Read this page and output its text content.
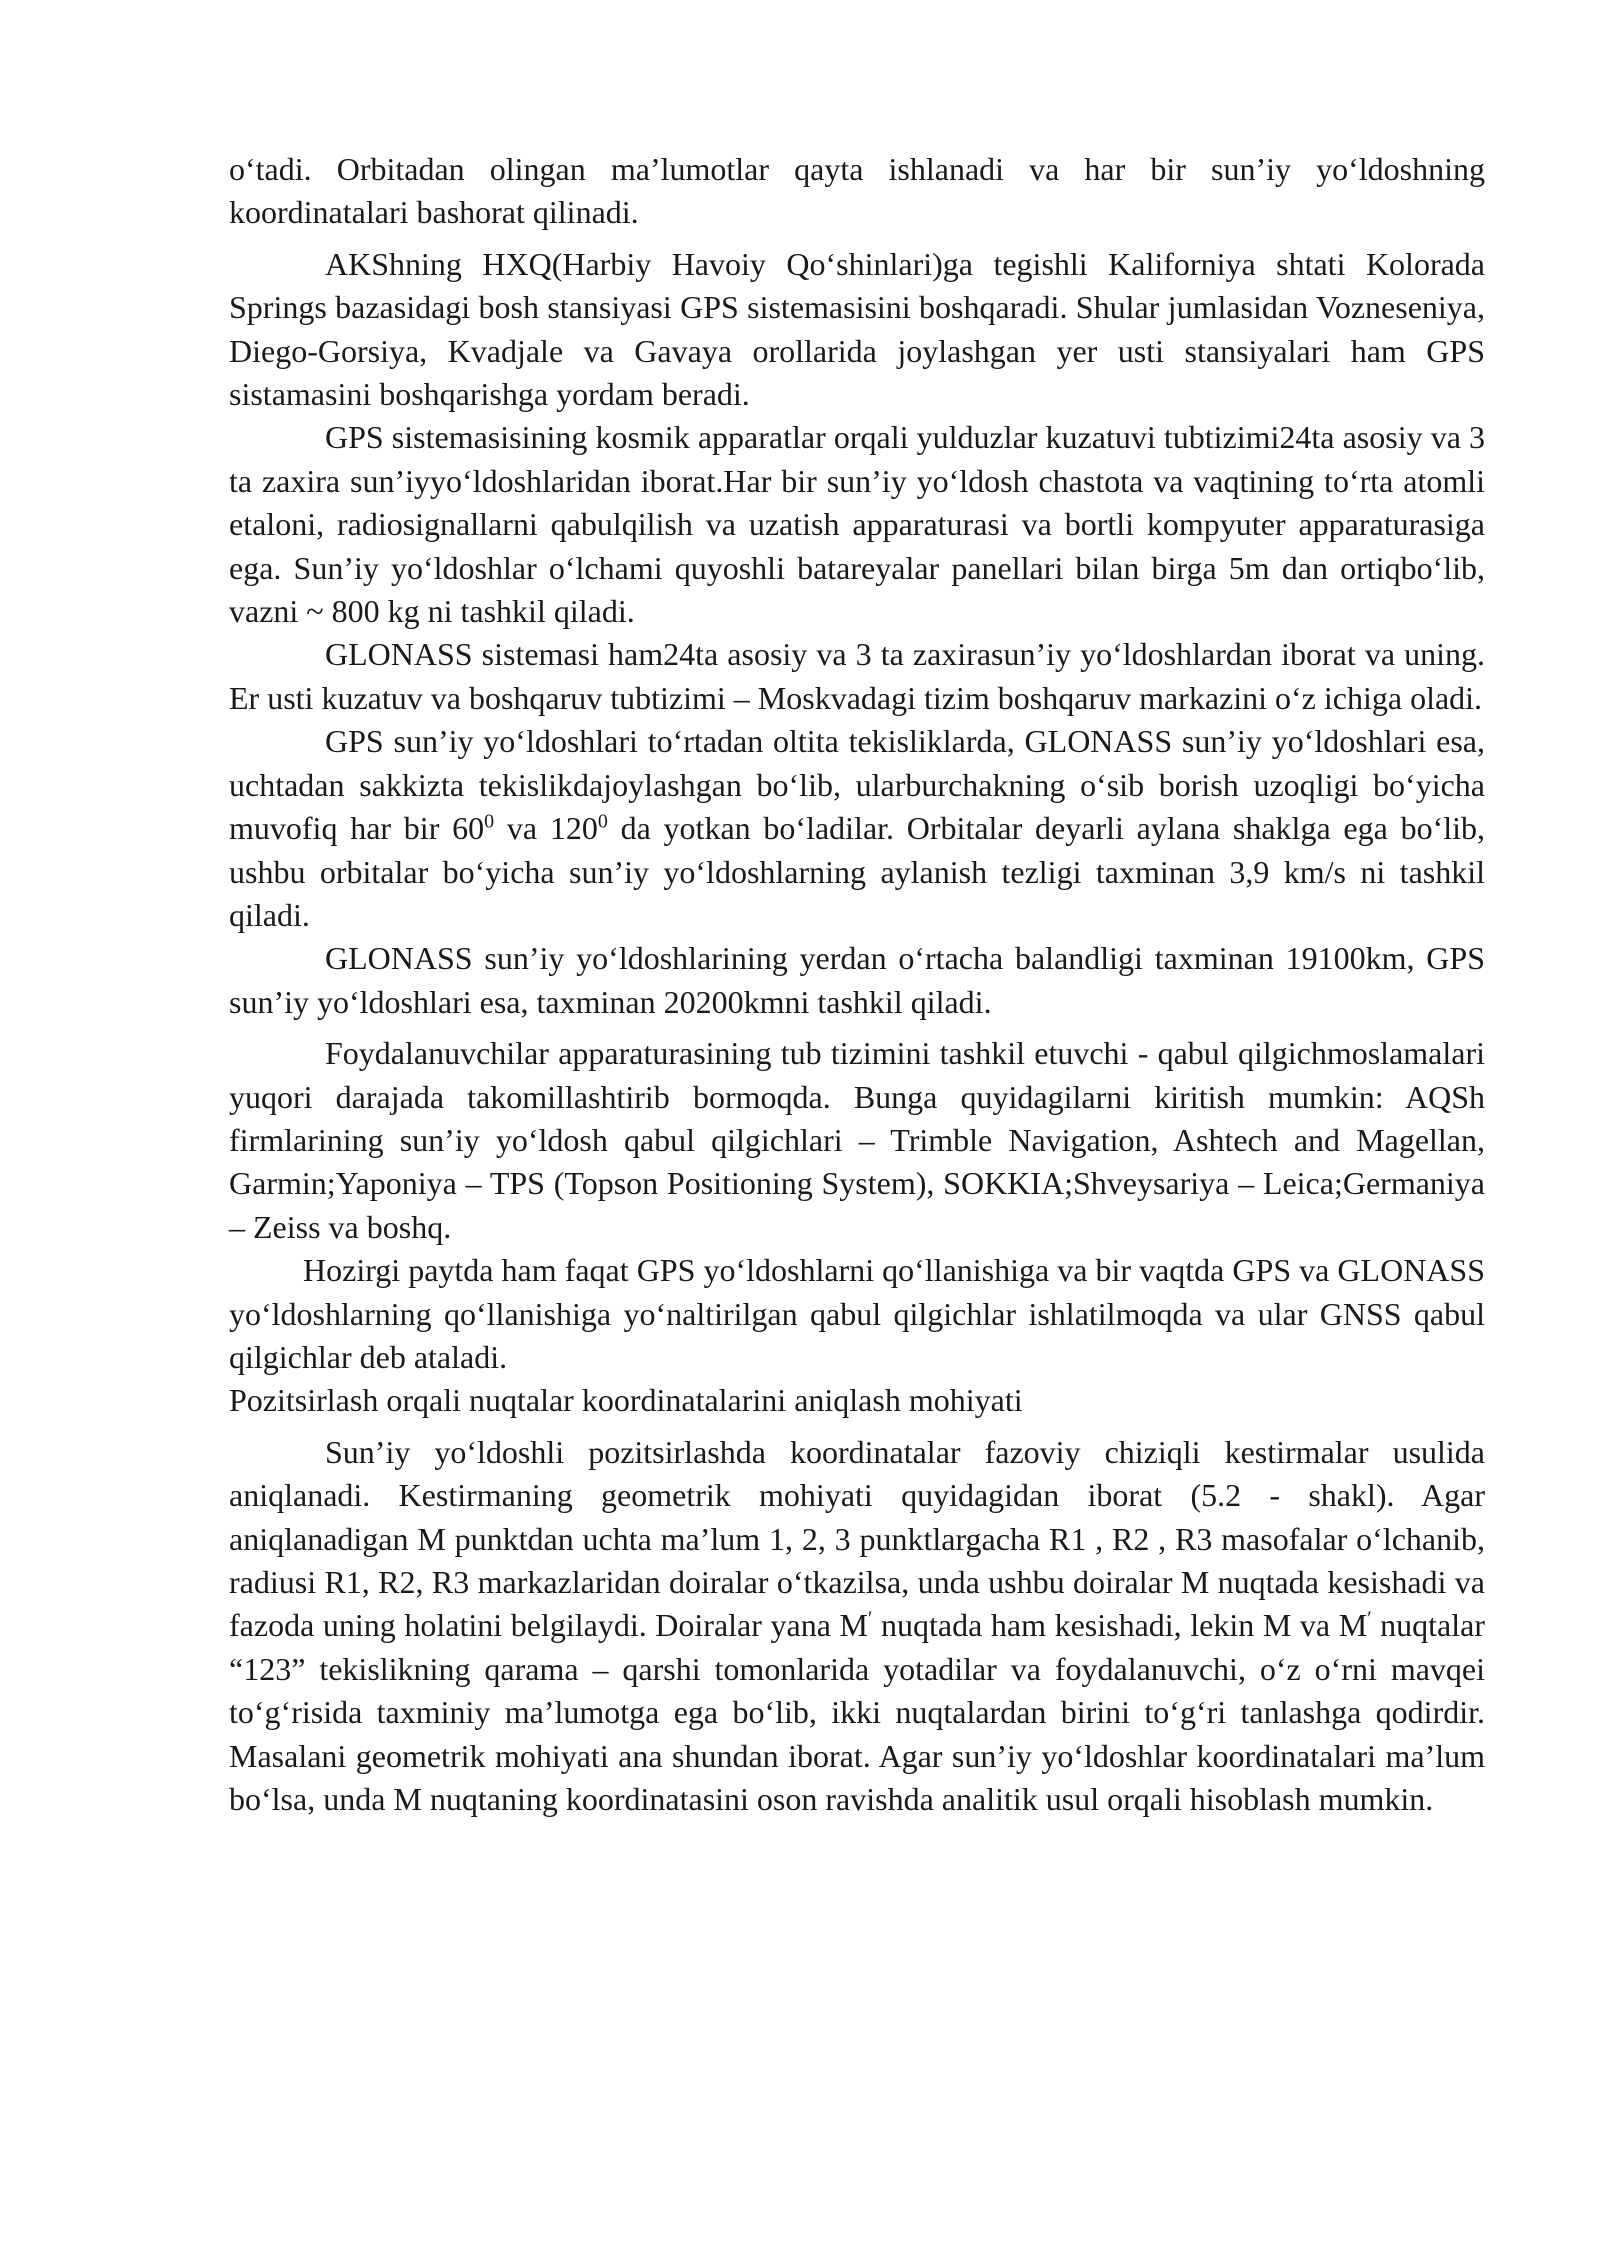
o‘tadi. Orbitadan olingan ma’lumotlar qayta ishlanadi va har bir sun’iy yo‘ldoshning koordinatalari bashorat qilinadi.

AKShning HXQ(Harbiy Havoiy Qo‘shinlari)ga tegishli Kaliforniya shtati Kolorada Springs bazasidagi bosh stansiyasi GPS sistemasisini boshqaradi. Shular jumlasidan Vozneseniya, Diego-Gorsiya, Kvadjale va Gavaya orollarida joylashgan yer usti stansiyalari ham GPS sistamasini boshqarishga yordam beradi.

GPS sistemasisining kosmik apparatlar orqali yulduzlar kuzatuvi tubtizimi24ta asosiy va 3 ta zaxira sun’iyyo‘ldoshlaridan iborat.Har bir sun’iy yo‘ldosh chastota va vaqtining to‘rta atomli etaloni, radiosignallarni qabulqilish va uzatish apparaturasi va bortli kompyuter apparaturasiga ega. Sun’iy yo‘ldoshlar o‘lchami quyoshli batareyalar panellari bilan birga 5m dan ortiqbo‘lib, vazni ~ 800 kg ni tashkil qiladi.

GLONASS sistemasi ham24ta asosiy va 3 ta zaxirasun’iy yo‘ldoshlardan iborat va uning. Er usti kuzatuv va boshqaruv tubtizimi – Moskvadagi tizim boshqaruv markazini o‘z ichiga oladi.

GPS sun’iy yo‘ldoshlari to‘rtadan oltita tekisliklarda, GLONASS sun’iy yo‘ldoshlari esa, uchtadan sakkizta tekislikdajoylashgan bo‘lib, ularburchakning o‘sib borish uzoqligi bo‘yicha muvofiq har bir $60^0$ va $120^0$ da yotkan bo‘ladilar. Orbitalar deyarli aylana shaklga ega bo‘lib, ushbu orbitalar bo‘yicha sun’iy yo‘ldoshlarning aylanish tezligi taxminan 3,9 km/s ni tashkil qiladi.

GLONASS sun’iy yo‘ldoshlarining yerdan o‘rtacha balandligi taxminan 19100km, GPS sun’iy yo‘ldoshlari esa, taxminan 20200kmni tashkil qiladi.

Foydalanuvchilar apparaturasining tub tizimini tashkil etuvchi - qabul qilgichmoslamalari yuqori darajada takomillashtirib bormoqda. Bunga quyidagilarni kiritish mumkin: AQSh firmlarining sun’iy yo‘ldosh qabul qilgichlari – Trimble Navigation, Ashtech and Magellan, Garmin;Yaponiya – TPS (Topson Positioning System), SOKKIA;Shveysariya – Leica;Germaniya – Zeiss va boshq.

Hozirgi paytda ham faqat GPS yo‘ldoshlarni qo‘llanishiga va bir vaqtda GPS va GLONASS yo‘ldoshlarning qo‘llanishiga yo‘naltirilgan qabul qilgichlar ishlatilmoqda va ular GNSS qabul qilgichlar deb ataladi.

Pozitsirlash orqali nuqtalar koordinatalarini aniqlash mohiyati

Sun’iy yo‘ldoshli pozitsirlashda koordinatalar fazoviy chiziqli kestirmalar usulida aniqlanadi. Kestirmaning geometrik mohiyati quyidagidan iborat (5.2 - shakl). Agar aniqlanadigan M punktdan uchta ma’lum 1, 2, 3 punktlargacha R1 , R2 , R3 masofalar o‘lchanib, radiusi R1, R2, R3 markazlaridan doiralar o‘tkazilsa, unda ushbu doiralar M nuqtada kesishadi va fazoda uning holatini belgilaydi. Doiralar yana M′ nuqtada ham kesishadi, lekin M va M′ nuqtalar “123” tekislikning qarama – qarshi tomonlarida yotadilar va foydalanuvchi, o‘z o‘rni mavqei to‘g‘risida taxminiy ma’lumotga ega bo‘lib, ikki nuqtalardan birini to‘g‘ri tanlashga qodirdir. Masalani geometrik mohiyati ana shundan iborat. Agar sun’iy yo‘ldoshlar koordinatalari ma’lum bo‘lsa, unda M nuqtaning koordinatasini oson ravishda analitik usul orqali hisoblash mumkin.
